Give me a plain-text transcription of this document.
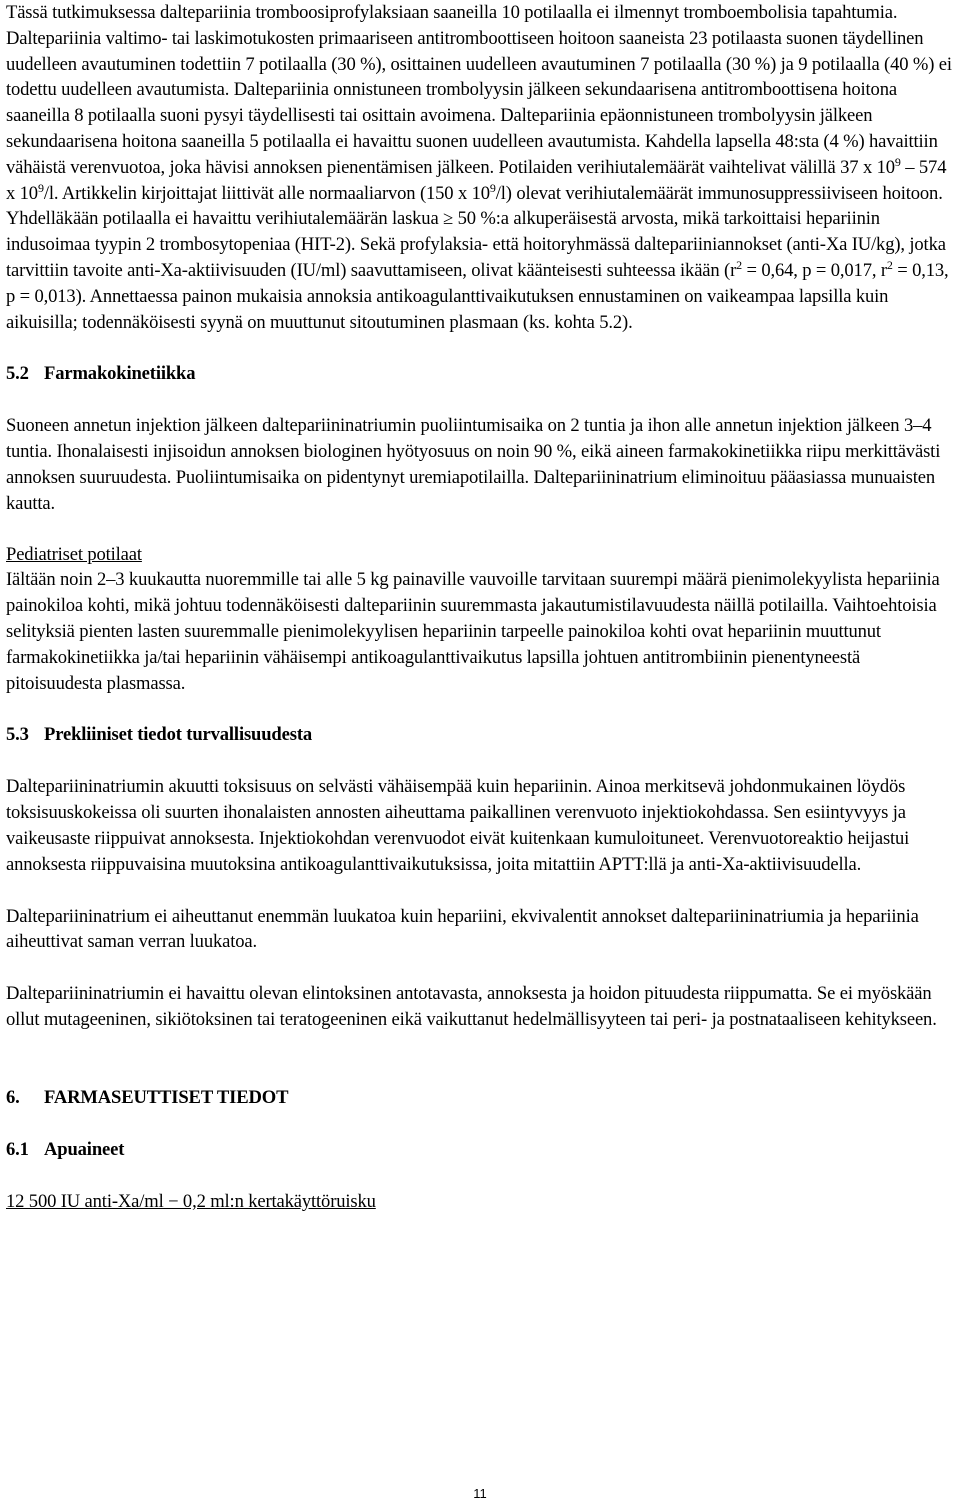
Tässä tutkimuksessa daltepariinia tromboosiprofylaksiaan saaneilla 10 potilaalla ei ilmennyt tromboembolisia tapahtumia. Daltepariinia valtimo- tai laskimotukosten primaariseen antitromboottiseen hoitoon saaneista 23 potilaasta suonen täydellinen uudelleen avautuminen todettiin 7 potilaalla (30 %), osittainen uudelleen avautuminen 7 potilaalla (30 %) ja 9 potilaalla (40 %) ei todettu uudelleen avautumista. Daltepariinia onnistuneen trombolyysin jälkeen sekundaarisena antitromboottisena hoitona saaneilla 8 potilaalla suoni pysyi täydellisesti tai osittain avoimena. Daltepariinia epäonnistuneen trombolyysin jälkeen sekundaarisena hoitona saaneilla 5 potilaalla ei havaittu suonen uudelleen avautumista. Kahdella lapsella 48:sta (4 %) havaittiin vähäistä verenvuotoa, joka hävisi annoksen pienentämisen jälkeen. Potilaiden verihiutalemäärät vaihtelivat välillä 37 x $10^9 - 574$ x $10^9/l$. Artikkelin kirjoittajat liittivät alle normaaliarvon (150 x $10^9/l$) olevat verihiutalemäärät immunosuppressiiviseen hoitoon. Yhdelläkään potilaalla ei havaittu verihiutalemäärän laskua ≥ 50 %:a alkuperäisestä arvosta, mikä tarkoittaisi hepariinin indusoimaa tyypin 2 trombosytopeniaa (HIT-2). Sekä profylaksia- että hoitoryhmässä daltepariiniannokset (anti-Xa IU/kg), jotka tarvittiin tavoite anti-Xa-aktiivisuuden (IU/ml) saavuttamiseen, olivat käänteisesti suhteessa ikään ($r^2 = 0,64$, p = 0,017, $r^2 = 0,13$, p = 0,013). Annettaessa painon mukaisia annoksia antikoagulanttivaikutuksen ennustaminen on vaikeampaa lapsilla kuin aikuisilla; todennäköisesti syynä on muuttunut sitoutuminen plasmaan (ks. kohta 5.2).

5.2 Farmakokinetiikka

Suoneen annetun injektion jälkeen daltepariininatriumin puoliintumisaika on 2 tuntia ja ihon alle annetun injektion jälkeen 3–4 tuntia. Ihonalaisesti injisoidun annoksen biologinen hyötyosuus on noin 90 %, eikä aineen farmakokinetiikka riipu merkittävästi annoksen suuruudesta. Puoliintumisaika on pidentynyt uremiapotilailla. Daltepariininatrium eliminoituu pääasiassa munuaisten kautta.

Pediatriset potilaat

Iältään noin 2–3 kuukautta nuoremmille tai alle 5 kg painaville vauvoille tarvitaan suurempi määrä pienimolekyylista hepariinia painokiloa kohti, mikä johtuu todennäköisesti daltepariinin suuremmasta jakautumistilavuudesta näillä potilailla. Vaihtoehtoisia selityksiä pienten lasten suuremmalle pienimolekyylisen hepariinin tarpeelle painokiloa kohti ovat hepariinin muuttunut farmakokinetiikka ja/tai hepariinin vähäisempi antikoagulanttivaikutus lapsilla johtuen antitrombiinin pienentyneestä pitoisuudesta plasmassa.

5.3 Prekliiniset tiedot turvallisuudesta

Daltepariininatriumin akuutti toksisuus on selvästi vähäisempää kuin hepariinin. Ainoa merkitsevä johdonmukainen löydös toksisuuskokeissa oli suurten ihonalaisten annosten aiheuttama paikallinen verenvuoto injektiokohdassa. Sen esiintyvyys ja vaikeusaste riippuivat annoksesta. Injektiokohdan verenvuodot eivät kuitenkaan kumuloituneet. Verenvuotoreaktio heijastui annoksesta riippuvaisina muutoksina antikoagulanttivaikutuksissa, joita mitattiin APTT:llä ja anti-Xa-aktiivisuudella.

Daltepariininatrium ei aiheuttanut enemmän luukatoa kuin hepariini, ekvivalentit annokset daltepariininatriumia ja hepariinia aiheuttivat saman verran luukatoa.

Daltepariininatriumin ei havaittu olevan elintoksinen antotavasta, annoksesta ja hoidon pituudesta riippumatta. Se ei myöskään ollut mutageeninen, sikiötoksinen tai teratogeeninen eikä vaikuttanut hedelmällisyyteen tai peri- ja postnataaliseen kehitykseen.

6. FARMASEUTTISET TIEDOT
6.1 Apuaineet

12 500 IU anti-Xa/ml − 0,2 ml:n kertakäyttöruisku

11
